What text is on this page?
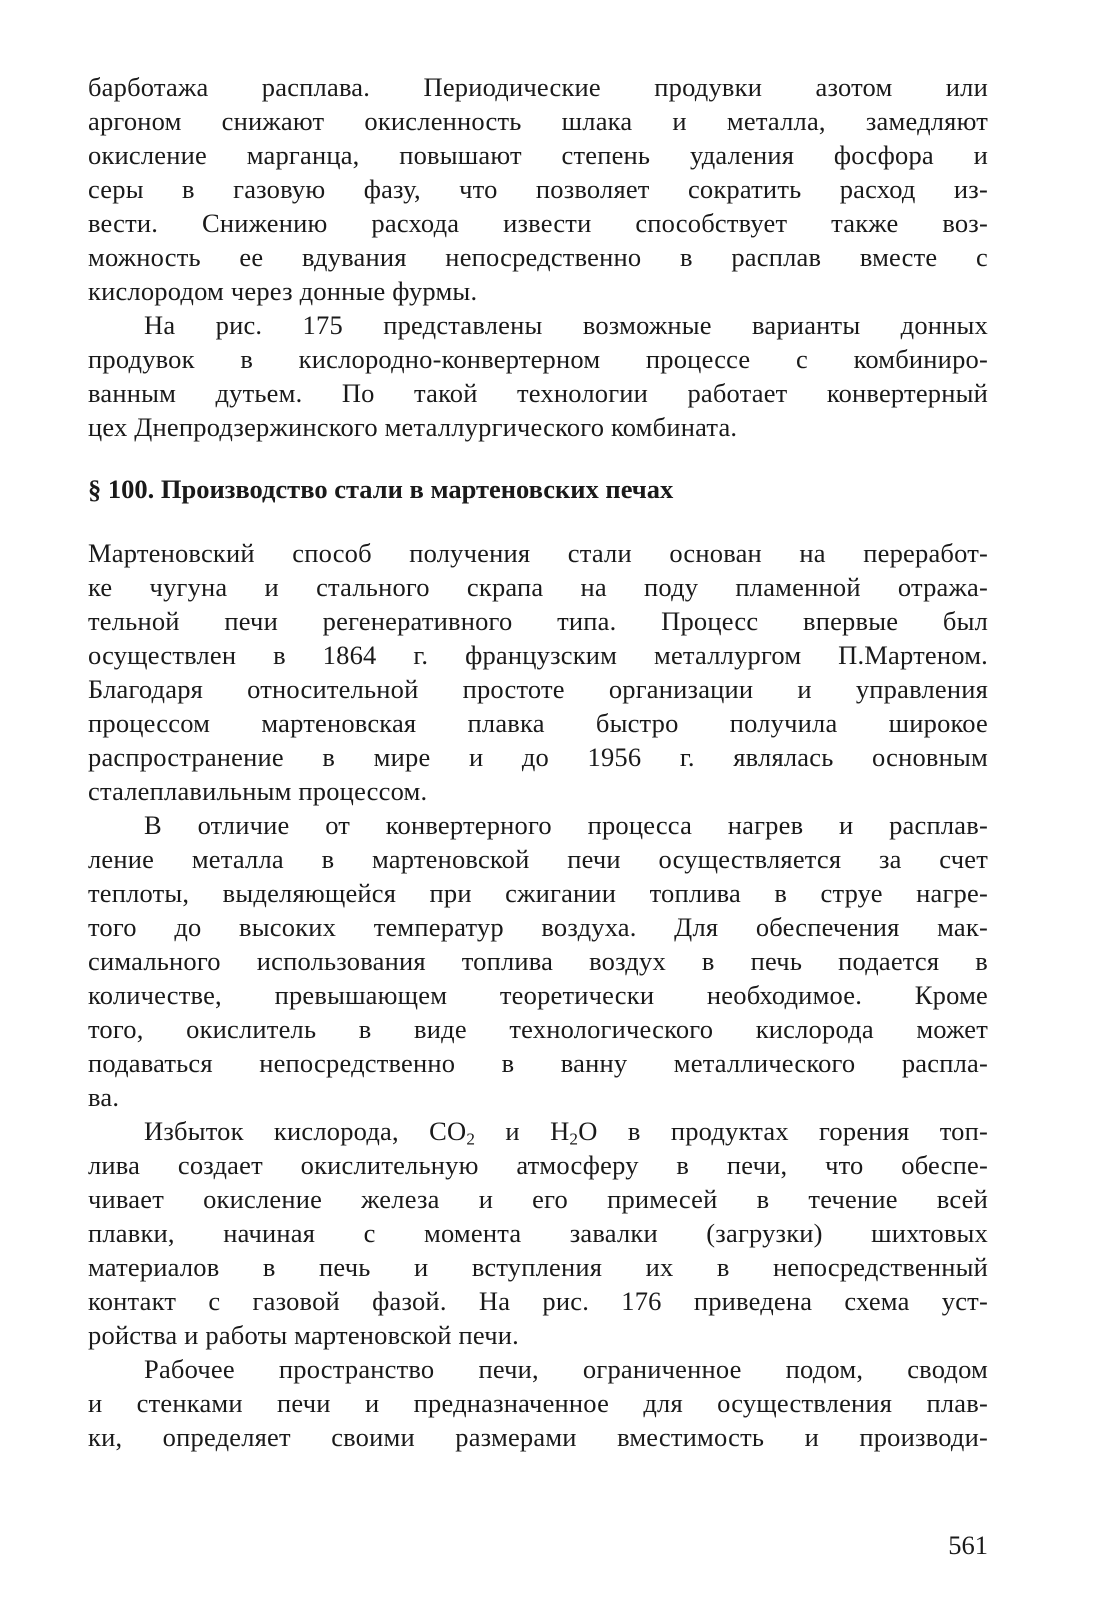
барботажа расплава. Периодические продувки азотом или
аргоном снижают окисленность шлака и металла, замедляют
окисление марганца, повышают степень удаления фосфора и
серы в газовую фазу, что позволяет сократить расход из-
вести. Снижению расхода извести способствует также воз-
можность ее вдувания непосредственно в расплав вместе с
кислородом через донные фурмы.
На рис. 175 представлены возможные варианты донных
продувок в кислородно-конвертерном процессе с комбиниро-
ванным дутьем. По такой технологии работает конвертерный
цех Днепродзержинского металлургического комбината.
§ 100. Производство стали в мартеновских печах
Мартеновский способ получения стали основан на переработ-
ке чугуна и стального скрапа на поду пламенной отража-
тельной печи регенеративного типа. Процесс впервые был
осуществлен в 1864 г. французским металлургом П.Мартеном.
Благодаря относительной простоте организации и управления
процессом мартеновская плавка быстро получила широкое
распространение в мире и до 1956 г. являлась основным
сталеплавильным процессом.
В отличие от конвертерного процесса нагрев и расплав-
ление металла в мартеновской печи осуществляется за счет
теплоты, выделяющейся при сжигании топлива в струе нагре-
того до высоких температур воздуха. Для обеспечения мак-
симального использования топлива воздух в печь подается в
количестве, превышающем теоретически необходимое. Кроме
того, окислитель в виде технологического кислорода может
подаваться непосредственно в ванну металлического распла-
ва.
Избыток кислорода, $CO_2$ и $H_2O$ в продуктах горения топ-
лива создает окислительную атмосферу в печи, что обеспе-
чивает окисление железа и его примесей в течение всей
плавки, начиная с момента завалки (загрузки) шихтовых
материалов в печь и вступления их в непосредственный
контакт с газовой фазой. На рис. 176 приведена схема уст-
ройства и работы мартеновской печи.
Рабочее пространство печи, ограниченное подом, сводом
и стенками печи и предназначенное для осуществления плав-
ки, определяет своими размерами вместимость и производи-
561
